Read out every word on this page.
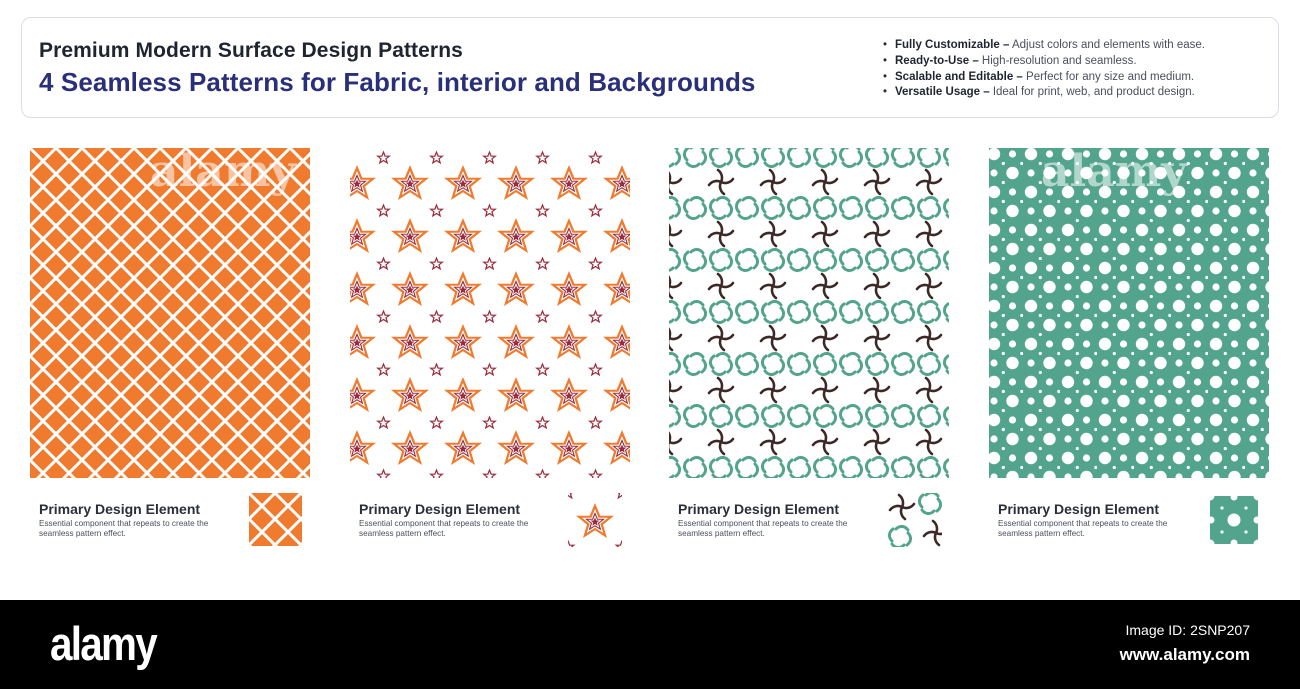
Premium Modern Surface Design Patterns
4 Seamless Patterns for Fabric, interior and Backgrounds
• Fully Customizable – Adjust colors and elements with ease.
• Ready-to-Use – High-resolution and seamless.
• Scalable and Editable – Perfect for any size and medium.
• Versatile Usage – Ideal for print, web, and product design.
alamy
Primary Design Element
Essential component that repeats to create the seamless pattern effect.
Primary Design Element
Essential component that repeats to create the seamless pattern effect.
Primary Design Element
Essential component that repeats to create the seamless pattern effect.
alamy
Primary Design Element
Essential component that repeats to create the seamless pattern effect.
alamy	Image ID: 2SNP207
www.alamy.com
